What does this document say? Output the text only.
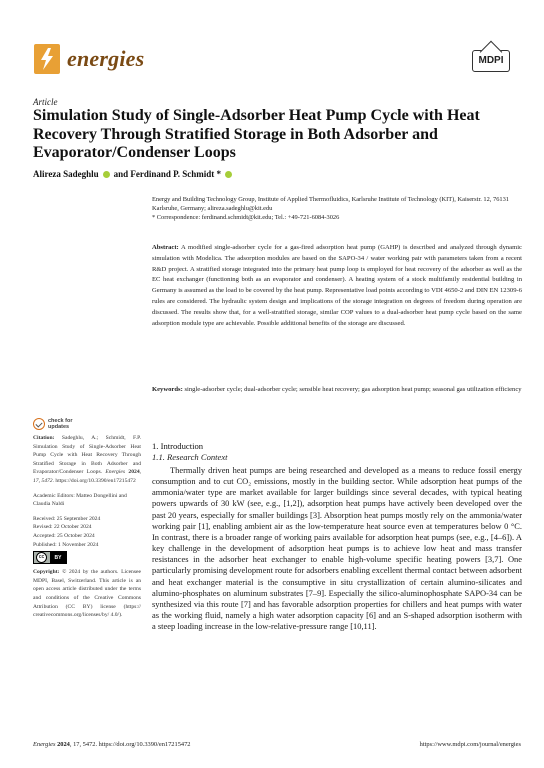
energies	MDPI
Article
Simulation Study of Single-Adsorber Heat Pump Cycle with Heat Recovery Through Stratified Storage in Both Adsorber and Evaporator/Condenser Loops
Alireza Sadeghlu and Ferdinand P. Schmidt *

Energy and Building Technology Group, Institute of Applied Thermofluidics, Karlsruhe Institute of Technology (KIT), Kaiserstr. 12, 76131 Karlsruhe, Germany; alireza.sadeghlu@kit.edu

* Correspondence: ferdinand.schmidt@kit.edu; Tel.: +49-721-6084-3026

Abstract: A modified single-adsorber cycle for a gas-fired adsorption heat pump (GAHP) is described and analyzed through dynamic simulation with Modelica. The adsorption modules are based on the SAPO-34 / water working pair with parameters taken from a recent R&D project. A stratified storage integrated into the primary heat pump loop is employed for heat recovery of the adsorber as well as the EC heat exchanger (functioning both as an evaporator and condenser). A heating system of a stock multifamily residential building in Germany is assumed as the load to be covered by the heat pump. Representative load points according to VDI 4650-2 and DIN EN 12309-6 rules are considered. The hydraulic system design and implications of the storage integration on degrees of freedom during operation are discussed. The results show that, for a well-stratified storage, similar COP values to a dual-adsorber heat pump cycle based on the same adsorption module type are achievable. Possible additional benefits of the storage are discussed.
Keywords: single-adsorber cycle; dual-adsorber cycle; sensible heat recovery; gas adsorption heat pump; seasonal gas utilization efficiency
check for
updates
Citation: Sadeghlu, A.; Schmidt, F.P. Simulation Study of Single-Adsorber Heat Pump Cycle with Heat Recovery Through Stratified Storage in Both Adsorber and Evaporator/Condenser Loops. Energies 2024, 17, 5472. https://doi.org/10.3390/en17215472
Academic Editors: Matteo Dongellini and Claudia Naldi
Received: 25 September 2024
Revised: 22 October 2024
Accepted: 25 October 2024
Published: 1 November 2024
cc	BY
Copyright: © 2024 by the authors. Licensee MDPI, Basel, Switzerland. This article is an open access article distributed under the terms and conditions of the Creative Commons Attribution (CC BY) license (https:// creativecommons.org/licenses/by/ 4.0/).
1. Introduction
1.1. Research Context

Thermally driven heat pumps are being researched and developed as a means to reduce fossil energy consumption and to cut CO₂ emissions, mostly in the building sector. While adsorption heat pumps of the ammonia/water type are market available for larger buildings since several decades, with typical heating powers upwards of 30 kW (see, e.g., [1,2]), adsorption heat pumps have actively been developed over the past 20 years, especially for smaller buildings [3]. Absorption heat pumps mostly rely on the ammonia/water working pair [1], enabling ambient air as the low-temperature heat source even at temperatures below 0 °C. In contrast, there is a broader range of working pairs available for adsorption heat pumps (see, e.g., [4–6]). A key challenge in the development of adsorption heat pumps is to achieve low heat and mass transfer resistances in the adsorber heat exchanger to enable high-volume specific heating powers [3,7]. One particularly promising development route for adsorbers enabling excellent thermal contact between adsorbent and heat exchanger material is the consumptive in situ crystallization of certain alumino-silicates and alumino-phosphates on aluminum substrates [7–9]. Especially the silico-aluminophosphate SAPO-34 can be synthesized via this route [7] and has favorable adsorption properties for chillers and heat pumps with water as the working fluid, namely a high water adsorption capacity [6] and an S-shaped adsorption isotherm with a steep loading increase in the low-relative-pressure range [10,11].

Energies 2024, 17, 5472. https://doi.org/10.3390/en17215472	https://www.mdpi.com/journal/energies
